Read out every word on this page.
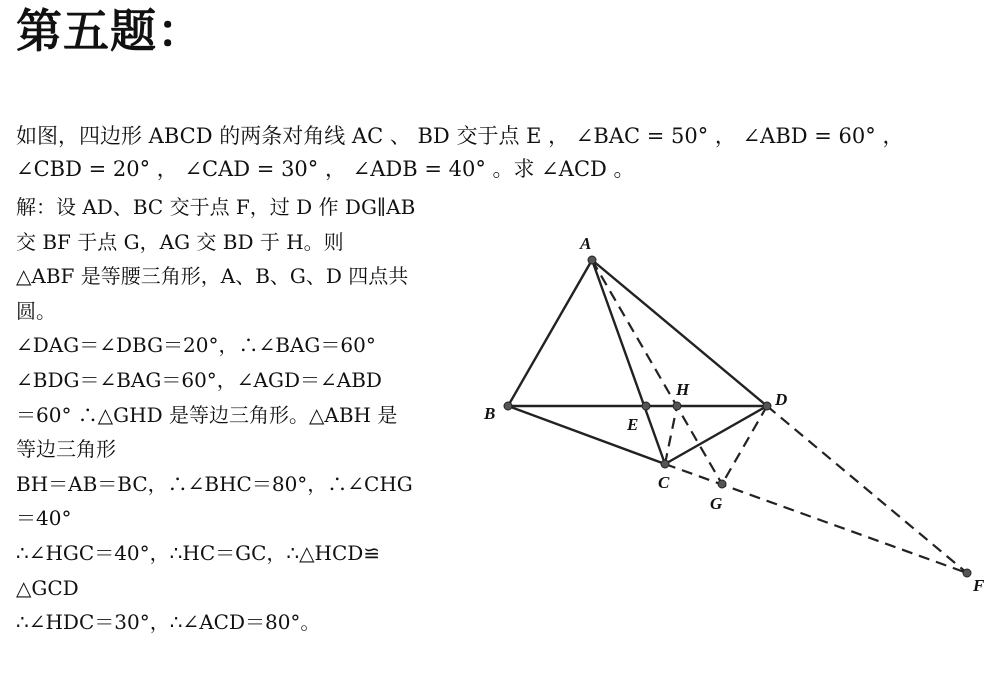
第五题：
如图，四边形 ABCD 的两条对角线 AC 、 BD 交于点 E ， ∠BAC = 50° ， ∠ABD = 60° ，
∠CBD = 20° ， ∠CAD = 30° ， ∠ADB = 40° 。求 ∠ACD 。
解：设 AD、BC 交于点 F，过 D 作 DG∥AB
交 BF 于点 G，AG 交 BD 于 H。则
△ABF 是等腰三角形，A、B、G、D 四点共
圆。
∠DAG＝∠DBG＝20°，∴∠BAG＝60°
∠BDG＝∠BAG＝60°，∠AGD＝∠ABD
＝60° ∴△GHD 是等边三角形。△ABH 是
等边三角形
BH＝AB＝BC，∴∠BHC＝80°，∴∠CHG
＝40°
∴∠HGC＝40°，∴HC＝GC，∴△HCD≌
△GCD
∴∠HDC＝30°，∴∠ACD＝80°。
A
B
D
E
H
C
G
F
